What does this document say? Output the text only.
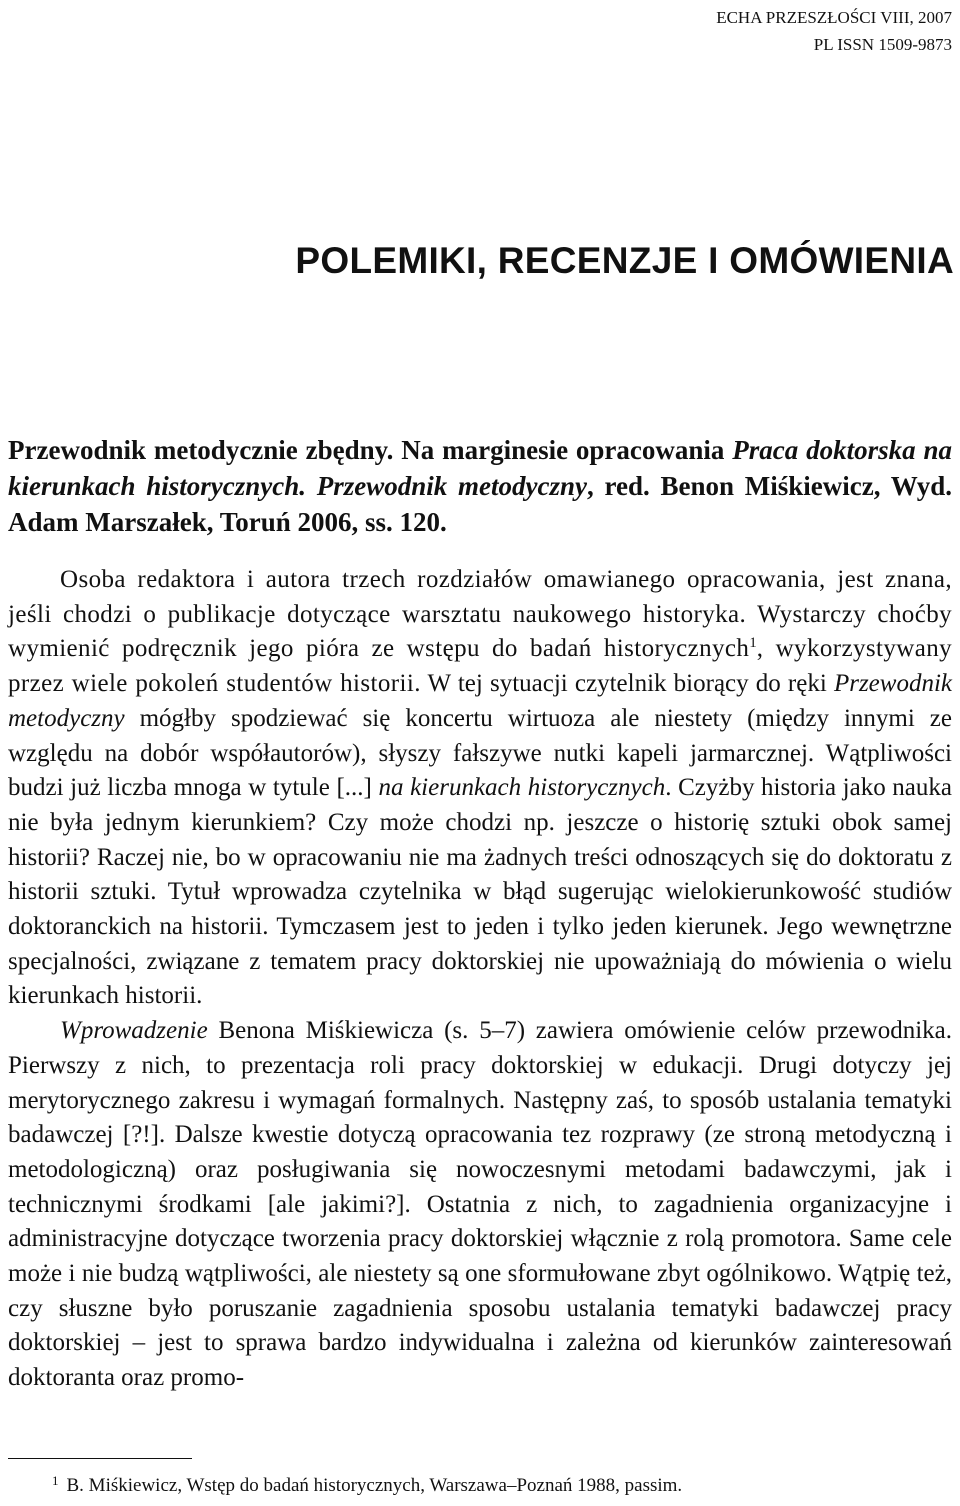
ECHA PRZESZŁOŚCI VIII, 2007
PL ISSN 1509-9873
POLEMIKI, RECENZJE I OMÓWIENIA
Przewodnik metodycznie zbędny. Na marginesie opracowania Praca doktorska na kierunkach historycznych. Przewodnik metodyczny, red. Benon Miśkiewicz, Wyd. Adam Marszałek, Toruń 2006, ss. 120.

Osoba redaktora i autora trzech rozdziałów omawianego opracowania, jest znana, jeśli chodzi o publikacje dotyczące warsztatu naukowego historyka. Wystarczy choćby wymienić podręcznik jego pióra ze wstępu do badań historycznych$^1$, wykorzystywany przez wiele pokoleń studentów historii. W tej sytuacji czytelnik biorący do ręki Przewodnik metodyczny mógłby spodziewać się koncertu wirtuoza ale niestety (między innymi ze względu na dobór współautorów), słyszy fałszywe nutki kapeli jarmarcznej. Wątpliwości budzi już liczba mnoga w tytule [...] na kierunkach historycznych. Czyżby historia jako nauka nie była jednym kierunkiem? Czy może chodzi np. jeszcze o historię sztuki obok samej historii? Raczej nie, bo w opracowaniu nie ma żadnych treści odnoszących się do doktoratu z historii sztuki. Tytuł wprowadza czytelnika w błąd sugerując wielokierunkowość studiów doktoranckich na historii. Tymczasem jest to jeden i tylko jeden kierunek. Jego wewnętrzne specjalności, związane z tematem pracy doktorskiej nie upoważniają do mówienia o wielu kierunkach historii.

Wprowadzenie Benona Miśkiewicza (s. 5–7) zawiera omówienie celów przewodnika. Pierwszy z nich, to prezentacja roli pracy doktorskiej w edukacji. Drugi dotyczy jej merytorycznego zakresu i wymagań formalnych. Następny zaś, to sposób ustalania tematyki badawczej [?!]. Dalsze kwestie dotyczą opracowania tez rozprawy (ze stroną metodyczną i metodologiczną) oraz posługiwania się nowoczesnymi metodami badawczymi, jak i technicznymi środkami [ale jakimi?]. Ostatnia z nich, to zagadnienia organizacyjne i administracyjne dotyczące tworzenia pracy doktorskiej włącznie z rolą promotora. Same cele może i nie budzą wątpliwości, ale niestety są one sformułowane zbyt ogólnikowo. Wątpię też, czy słuszne było poruszanie zagadnienia sposobu ustalania tematyki badawczej pracy doktorskiej – jest to sprawa bardzo indywidualna i zależna od kierunków zainteresowań doktoranta oraz promo-

$^1$ B. Miśkiewicz, Wstęp do badań historycznych, Warszawa–Poznań 1988, passim.
